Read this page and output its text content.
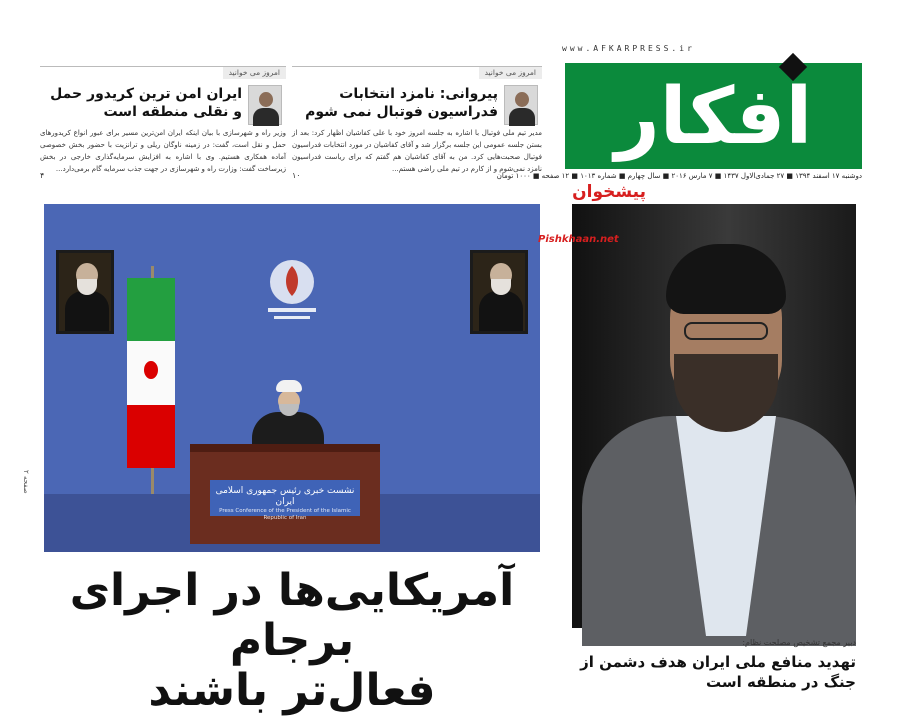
www.AFKARPRESS.ir
افکار
دوشنبه ۱۷ اسفند ۱۳۹۴ ■ ۲۷ جمادی‌الاول ۱۴۳۷ ■ ۷ مارس ۲۰۱۶ ■ سال چهارم ■ شماره ۱۰۱۳ ■ ۱۲ صفحه ■ ۱۰۰۰ تومان
امروز می خوانید
پیروانی: نامزد انتخابات فدراسیون فوتبال نمی شوم
مدیر تیم ملی فوتبال با اشاره به جلسه امروز خود با علی کفاشیان اظهار کرد: بعد از بستن جلسه عمومی این جلسه برگزار شد و آقای کفاشیان در مورد انتخابات فدراسیون فوتبال صحبت‌هایی کرد. من به آقای کفاشیان هم گفتم که برای ریاست فدراسیون نامزد نمی‌شوم و از کارم در تیم ملی راضی هستم...
۱۰
امروز می خوانید
ایران امن ترین کریدور حمل و نقلی منطقه است
وزیر راه و شهرسازی با بیان اینکه ایران امن‌ترین مسیر برای عبور انواع کریدورهای حمل و نقل است، گفت: در زمینه ناوگان ریلی و ترانزیت با حضور بخش خصوصی آماده همکاری هستیم. وی با اشاره به افزایش سرمایه‌گذاری خارجی در بخش زیرساخت گفت: وزارت راه و شهرسازی در جهت جذب سرمایه گام برمی‌دارد...
۴
نشست خبری رئیس جمهوری اسلامی ایران
Press Conference of the President of the Islamic Republic of Iran
صفحه ۲
آمریکایی‌ها در اجرای برجام
فعال‌تر باشند
پیشخوان
Pishkhaan.net
دبیر مجمع تشخیص مصلحت نظام:
تهدید منافع ملی ایران هدف دشمن از جنگ در منطقه است
